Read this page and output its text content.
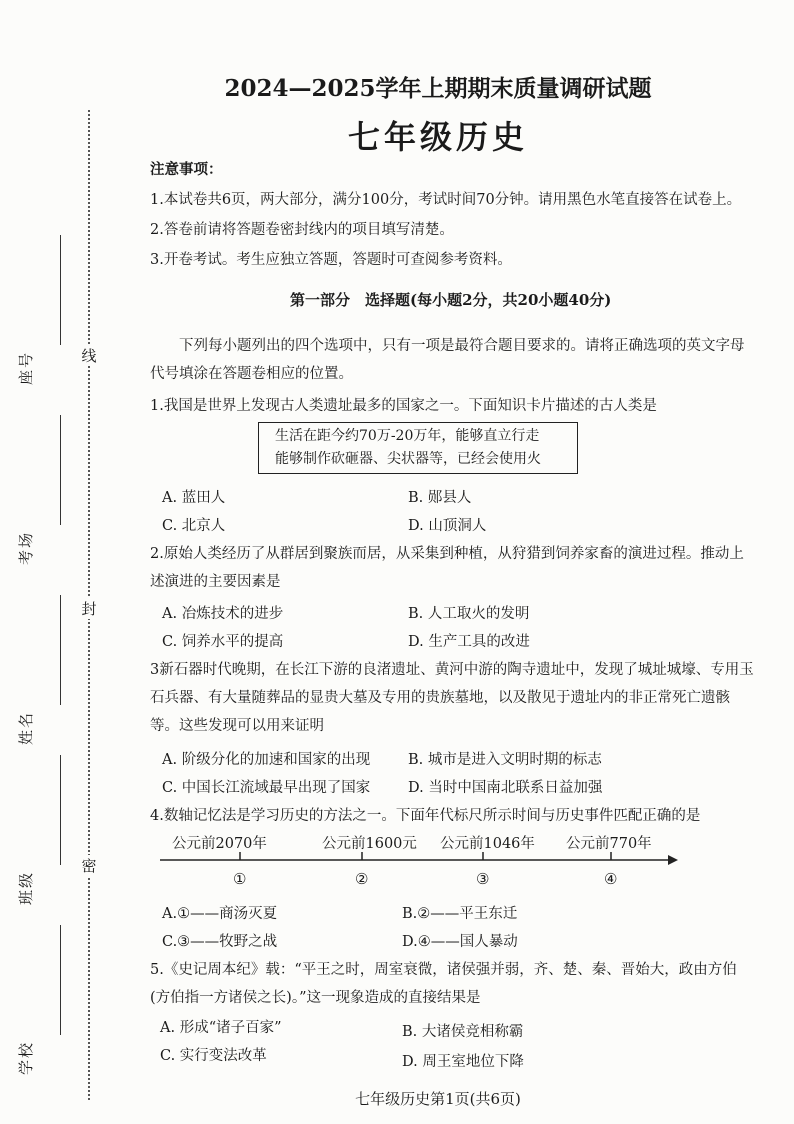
线
封
密
座号
考场
姓名
班级
学校
2024—2025学年上期期末质量调研试题
七年级历史
注意事项：
1.本试卷共6页，两大部分，满分100分，考试时间70分钟。请用黑色水笔直接答在试卷上。
2.答卷前请将答题卷密封线内的项目填写清楚。
3.开卷考试。考生应独立答题，答题时可查阅参考资料。
第一部分　选择题(每小题2分，共20小题40分)
下列每小题列出的四个选项中，只有一项是最符合题目要求的。请将正确选项的英文字母代号填涂在答题卷相应的位置。
1.我国是世界上发现古人类遗址最多的国家之一。下面知识卡片描述的古人类是
生活在距今约70万-20万年，能够直立行走
能够制作砍砸器、尖状器等，已经会使用火
A. 蓝田人	B. 郧县人
C. 北京人	D. 山顶洞人
2.原始人类经历了从群居到聚族而居，从采集到种植，从狩猎到饲养家畜的演进过程。推动上述演进的主要因素是
A. 冶炼技术的进步	B. 人工取火的发明
C. 饲养水平的提高	D. 生产工具的改进
3新石器时代晚期，在长江下游的良渚遗址、黄河中游的陶寺遗址中，发现了城址城壕、专用玉石兵器、有大量随葬品的显贵大墓及专用的贵族墓地，以及散见于遗址内的非正常死亡遗骸等。这些发现可以用来证明
A. 阶级分化的加速和国家的出现	B. 城市是进入文明时期的标志
C. 中国长江流域最早出现了国家	D. 当时中国南北联系日益加强
4.数轴记忆法是学习历史的方法之一。下面年代标尺所示时间与历史事件匹配正确的是
公元前2070年	公元前1600元 公元前1046年 公元前770年
①	②	③	④
A.①——商汤灭夏	B.②——平王东迁
C.③——牧野之战	D.④——国人暴动
5.《史记周本纪》载：“平王之时，周室衰微，诸侯强并弱，齐、楚、秦、晋始大，政由方伯(方伯指一方诸侯之长)。”这一现象造成的直接结果是
A. 形成“诸子百家”	B. 大诸侯竞相称霸
C. 实行变法改革	D. 周王室地位下降
七年级历史第1页(共6页)
